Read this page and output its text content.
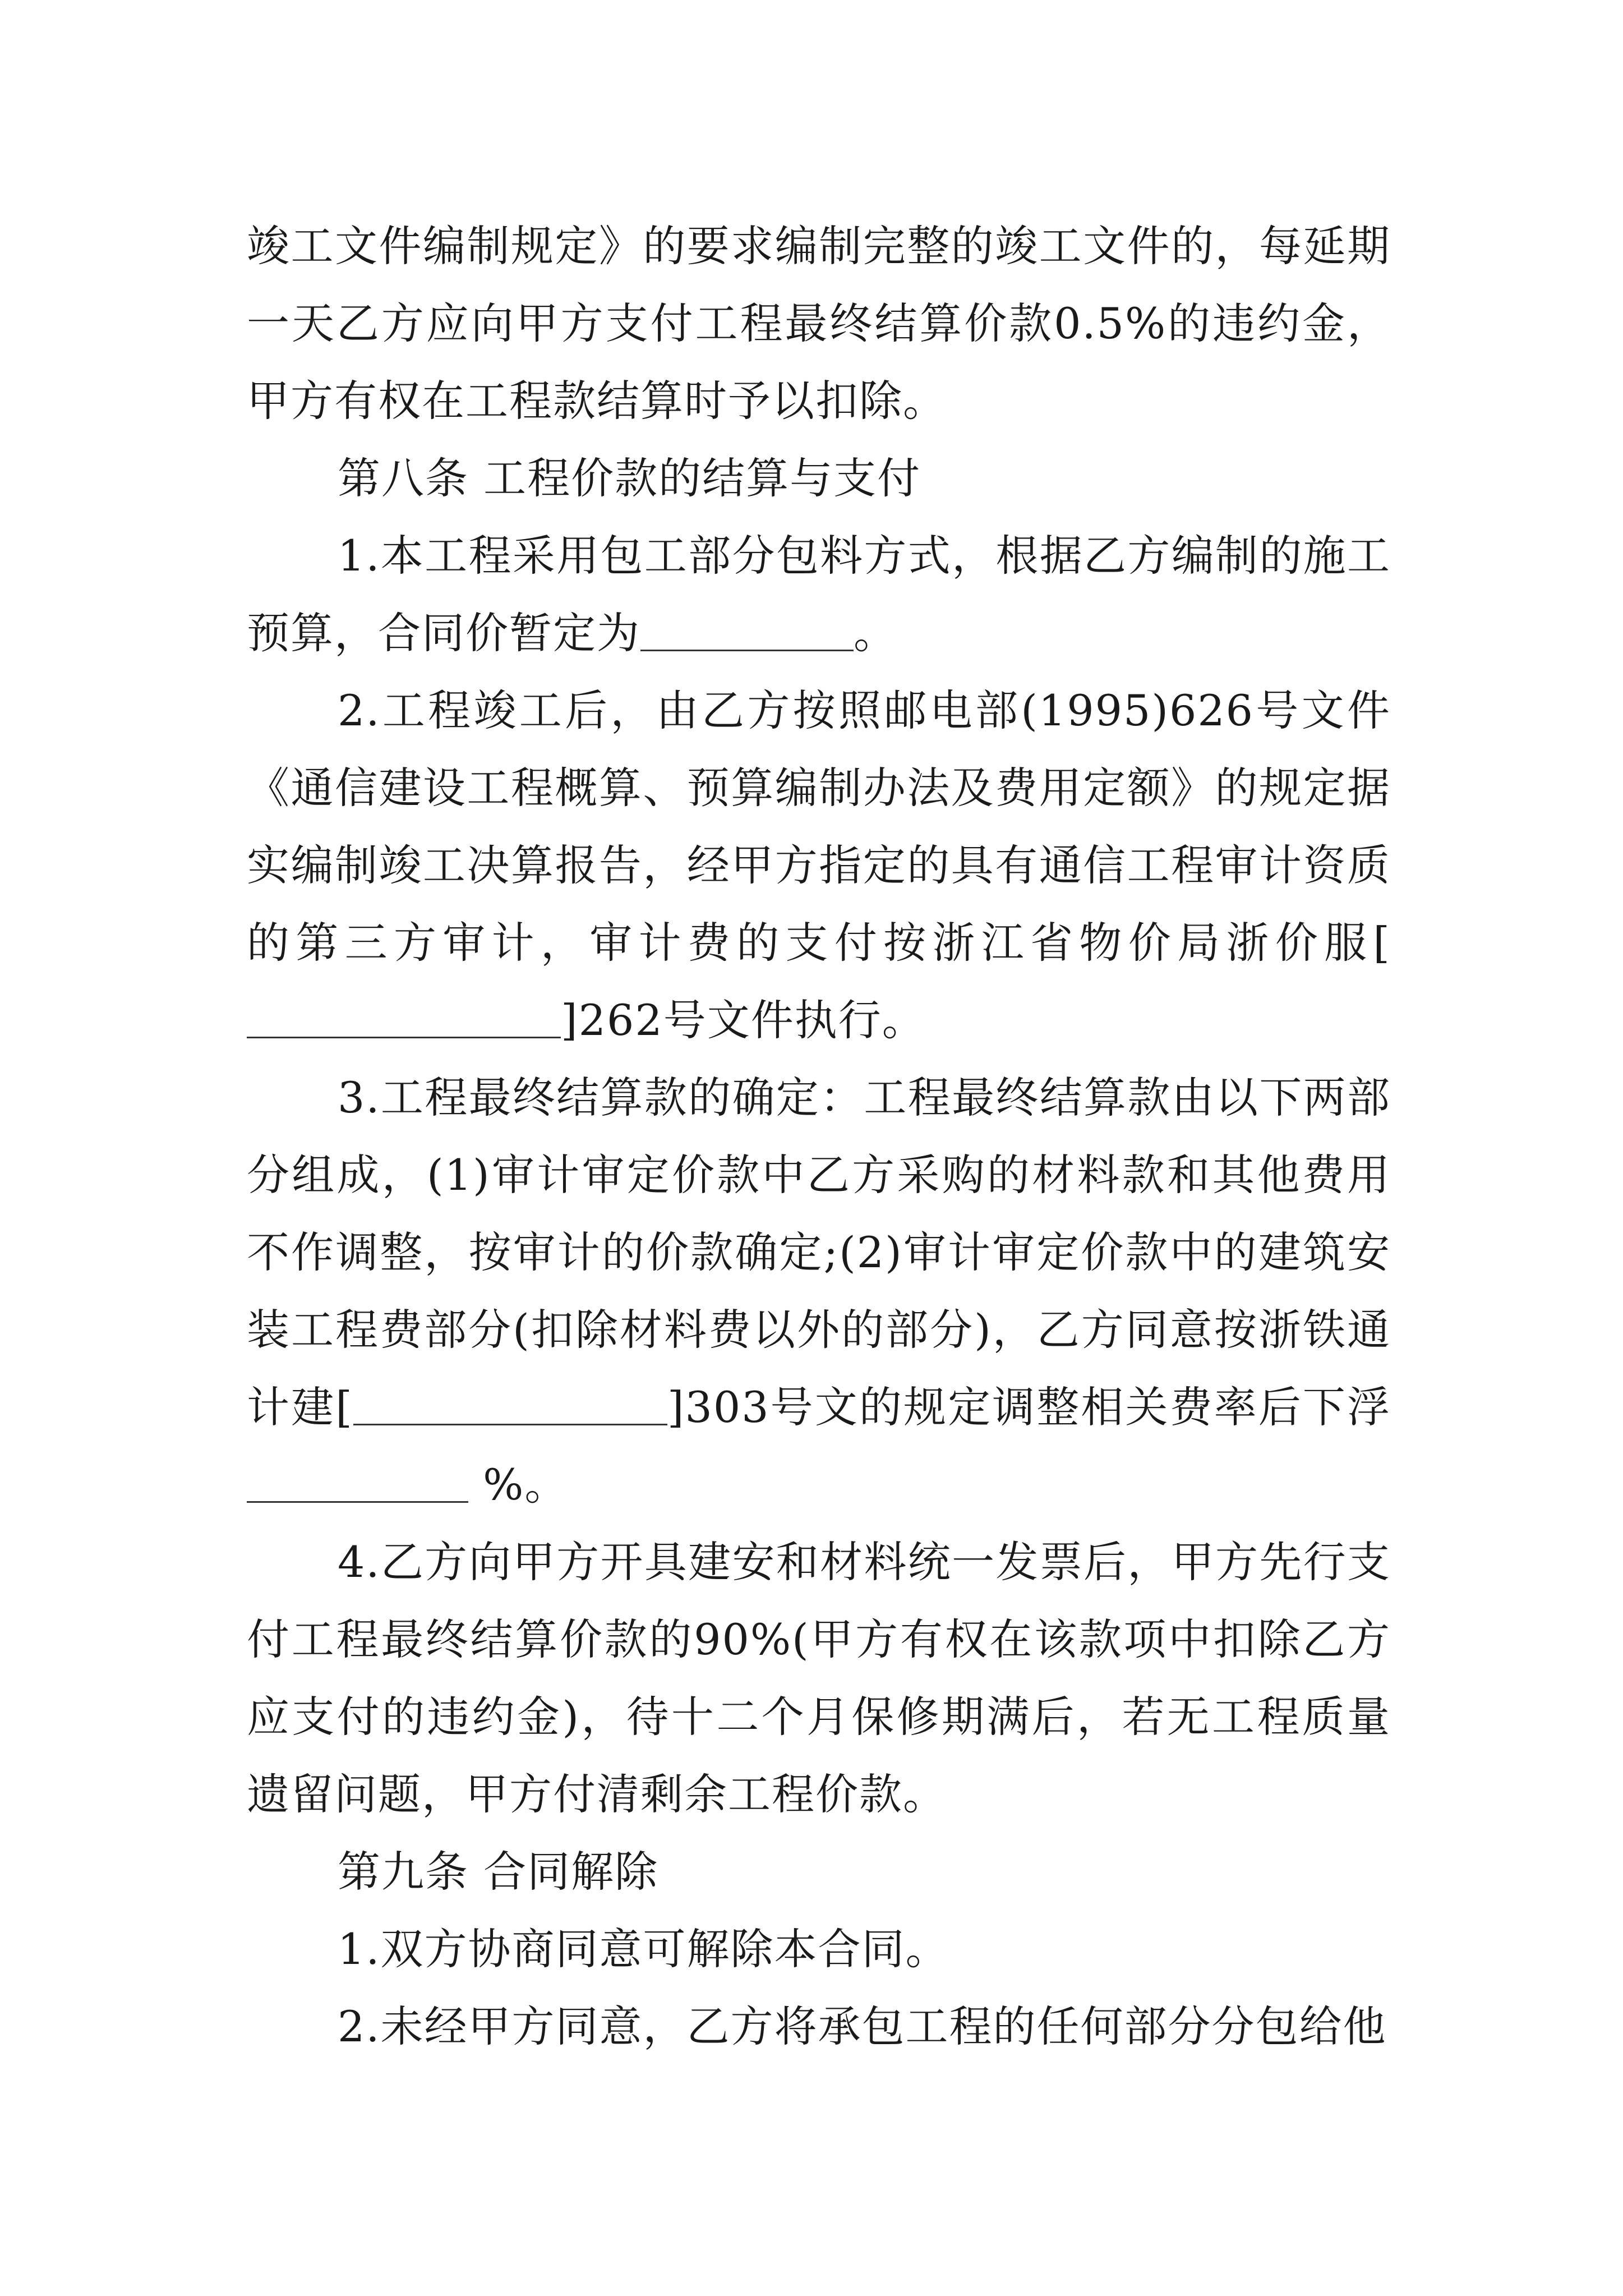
竣工文件编制规定》的要求编制完整的竣工文件的，每延期一天乙方应向甲方支付工程最终结算价款0.5%的违约金，甲方有权在工程款结算时予以扣除。

第八条 工程价款的结算与支付

1.本工程采用包工部分包料方式，根据乙方编制的施工预算，合同价暂定为	。

2.工程竣工后，由乙方按照邮电部(1995)626号文件《通信建设工程概算、预算编制办法及费用定额》的规定据实编制竣工决算报告，经甲方指定的具有通信工程审计资质的第三方审计，审计费的支付按浙江省物价局浙价服[]262号文件执行。

3.工程最终结算款的确定：工程最终结算款由以下两部分组成，(1)审计审定价款中乙方采购的材料款和其他费用不作调整，按审计的价款确定;(2)审计审定价款中的建筑安装工程费部分(扣除材料费以外的部分)，乙方同意按浙铁通计建[	]303号文的规定调整相关费率后下浮 %。

4.乙方向甲方开具建安和材料统一发票后，甲方先行支付工程最终结算价款的90%(甲方有权在该款项中扣除乙方应支付的违约金)，待十二个月保修期满后，若无工程质量遗留问题，甲方付清剩余工程价款。

第九条 合同解除

1.双方协商同意可解除本合同。

2.未经甲方同意，乙方将承包工程的任何部分分包给他
